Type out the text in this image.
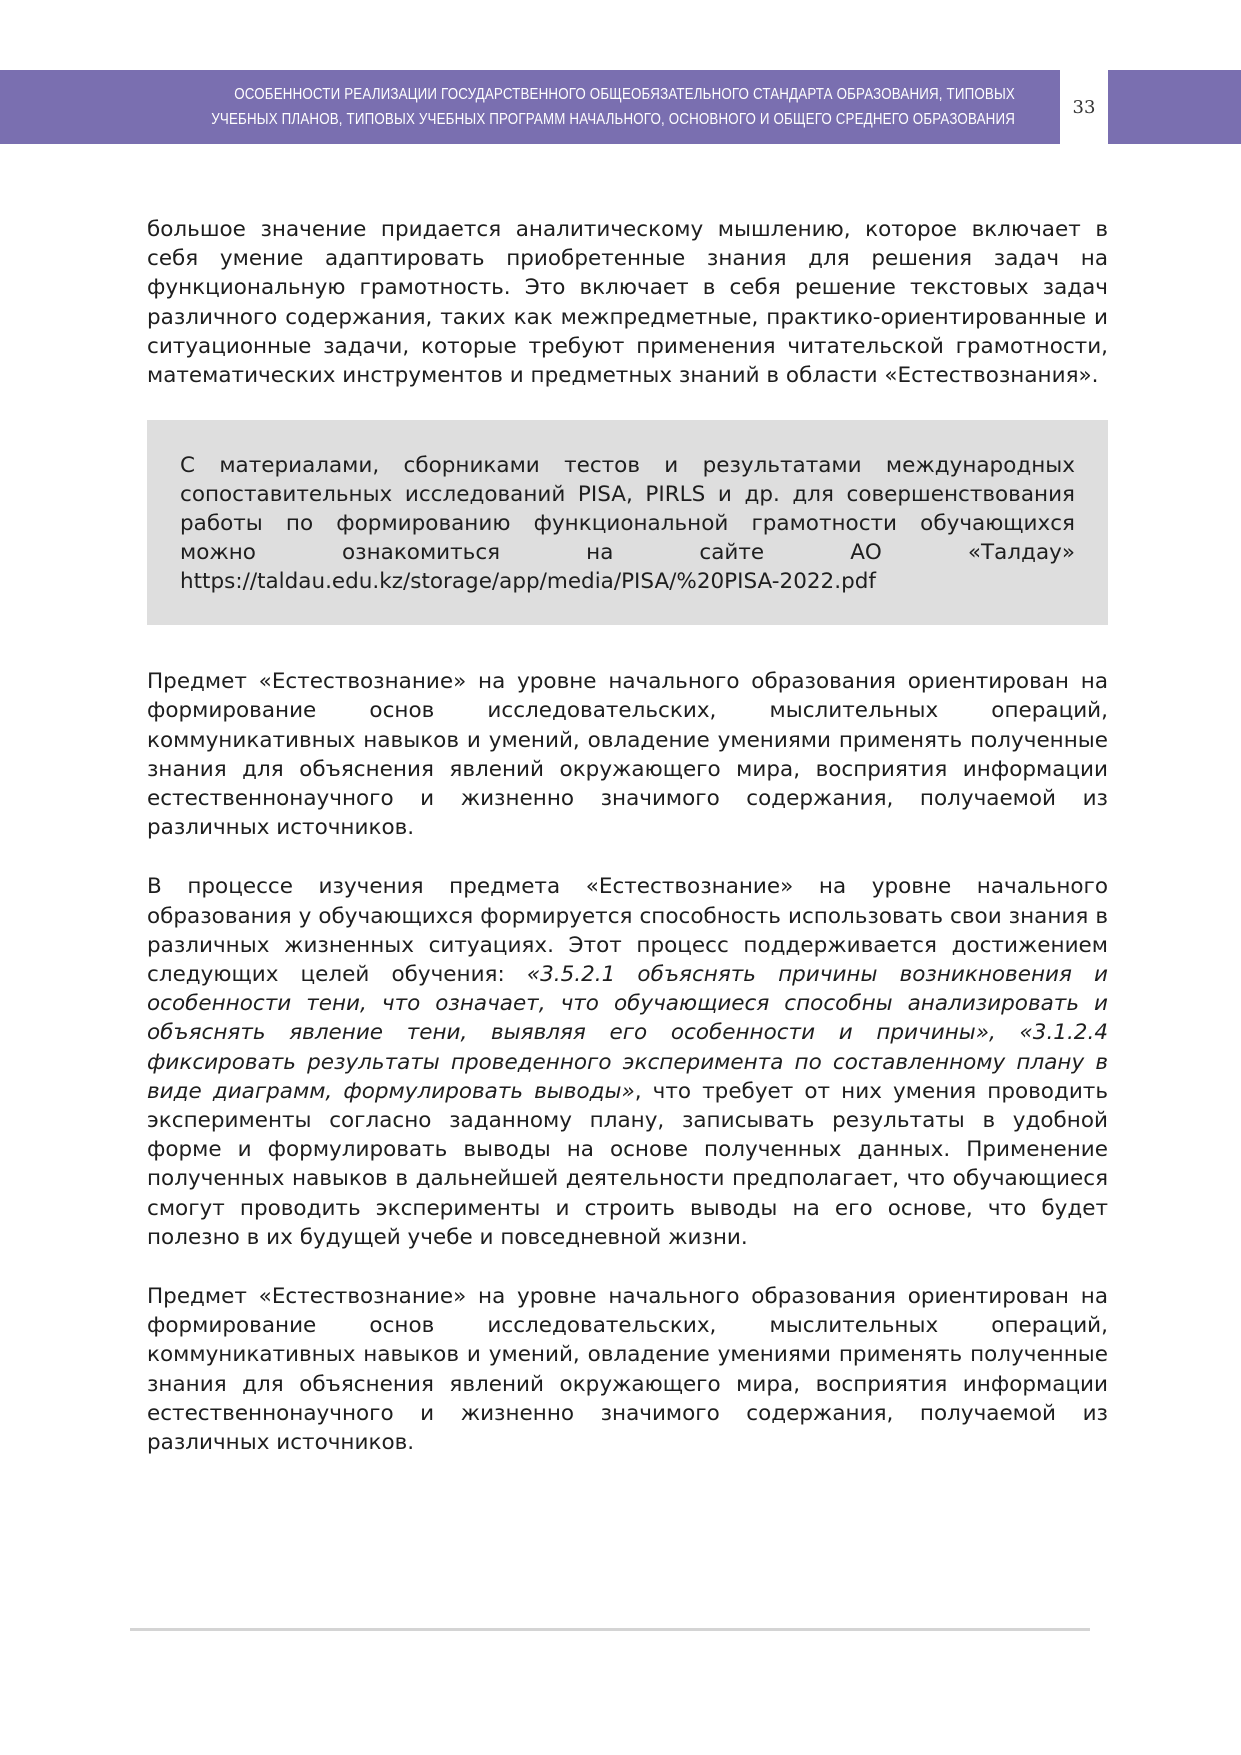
ОСОБЕННОСТИ РЕАЛИЗАЦИИ ГОСУДАРСТВЕННОГО ОБЩЕОБЯЗАТЕЛЬНОГО СТАНДАРТА ОБРАЗОВАНИЯ, ТИПОВЫХ
УЧЕБНЫХ ПЛАНОВ, ТИПОВЫХ УЧЕБНЫХ ПРОГРАММ НАЧАЛЬНОГО, ОСНОВНОГО И ОБЩЕГО СРЕДНЕГО ОБРАЗОВАНИЯ
33

большое значение придается аналитическому мышлению, которое включает в себя умение адаптировать приобретенные знания для решения задач на функциональную грамотность. Это включает в себя решение текстовых задач различного содержания, таких как межпредметные, практико-ориентированные и ситуационные задачи, которые требуют применения читательской грамотности, математических инструментов и предметных знаний в области «Естествознания».

С материалами, сборниками тестов и результатами международных сопоставительных исследований PISA, PIRLS и др. для совершенствования работы по формированию функциональной грамотности обучающихся можно ознакомиться на сайте АО «Талдау» https://taldau.edu.kz/storage/app/media/PISA/%20PISA-2022.pdf

Предмет «Естествознание» на уровне начального образования ориентирован на формирование основ исследовательских, мыслительных операций, коммуникативных навыков и умений, овладение умениями применять полученные знания для объяснения явлений окружающего мира, восприятия информации естественнонаучного и жизненно значимого содержания, получаемой из различных источников.

В процессе изучения предмета «Естествознание» на уровне начального образования у обучающихся формируется способность использовать свои знания в различных жизненных ситуациях. Этот процесс поддерживается достижением следующих целей обучения: «3.5.2.1 объяснять причины возникновения и особенности тени, что означает, что обучающиеся способны анализировать и объяснять явление тени, выявляя его особенности и причины», «3.1.2.4 фиксировать результаты проведенного эксперимента по составленному плану в виде диаграмм, формулировать выводы», что требует от них умения проводить эксперименты согласно заданному плану, записывать результаты в удобной форме и формулировать выводы на основе полученных данных. Применение полученных навыков в дальнейшей деятельности предполагает, что обучающиеся смогут проводить эксперименты и строить выводы на его основе, что будет полезно в их будущей учебе и повседневной жизни.

Предмет «Естествознание» на уровне начального образования ориентирован на формирование основ исследовательских, мыслительных операций, коммуникативных навыков и умений, овладение умениями применять полученные знания для объяснения явлений окружающего мира, восприятия информации естественнонаучного и жизненно значимого содержания, получаемой из различных источников.
